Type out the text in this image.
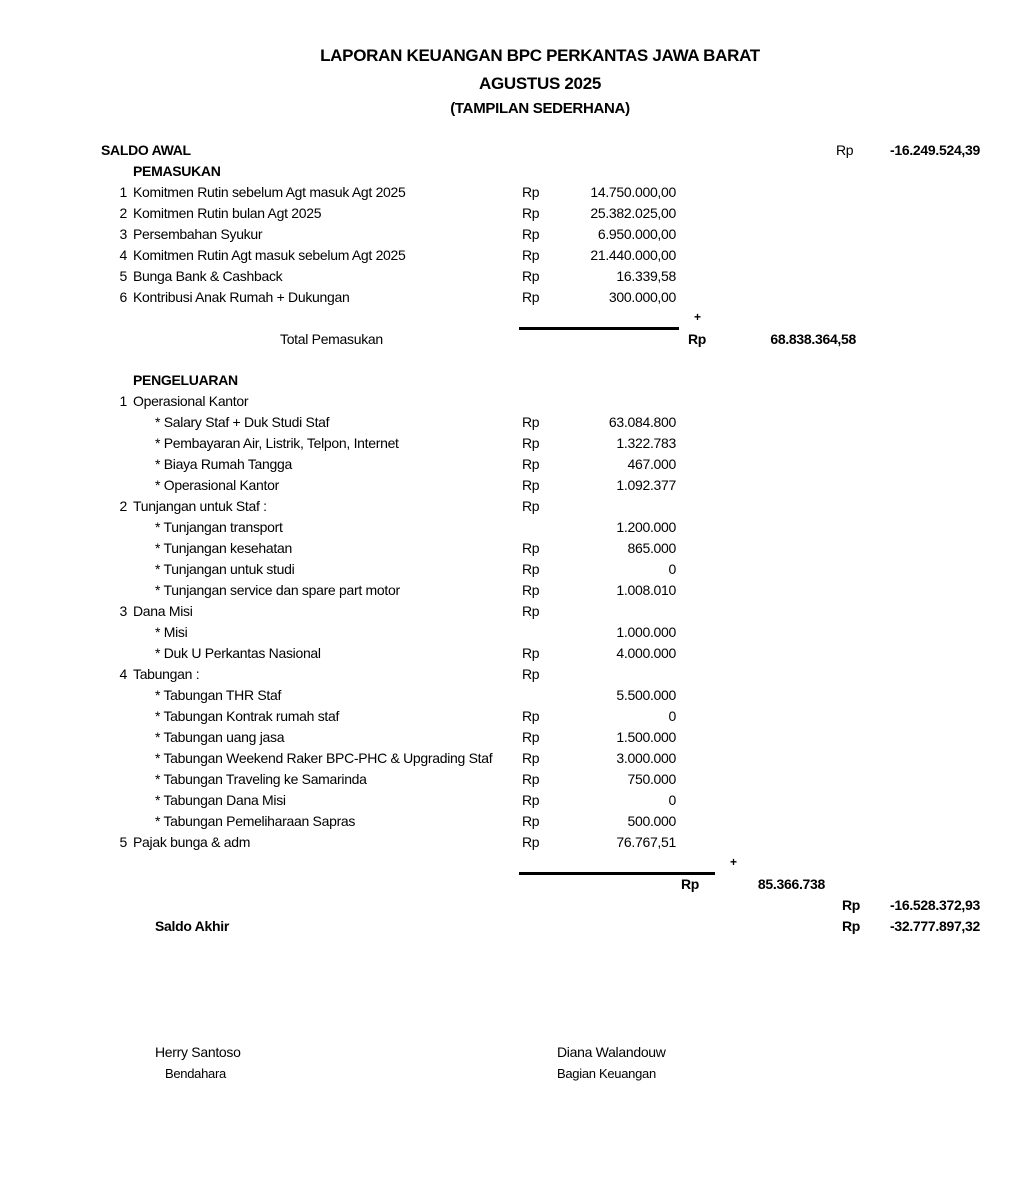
LAPORAN KEUANGAN BPC PERKANTAS JAWA BARAT
AGUSTUS 2025
(TAMPILAN SEDERHANA)
SALDO AWAL	Rp	-16.249.524,39
PEMASUKAN
1 Komitmen Rutin sebelum Agt masuk Agt 2025	Rp	14.750.000,00
2 Komitmen Rutin bulan Agt 2025	Rp	25.382.025,00
3 Persembahan Syukur	Rp	6.950.000,00
4 Komitmen Rutin Agt masuk sebelum Agt 2025	Rp	21.440.000,00
5 Bunga Bank & Cashback	Rp	16.339,58
6 Kontribusi Anak Rumah + Dukungan	Rp	300.000,00
+
Total Pemasukan	Rp	68.838.364,58
PENGELUARAN
1 Operasional Kantor
* Salary Staf + Duk Studi Staf	Rp	63.084.800
* Pembayaran Air, Listrik, Telpon, Internet	Rp	1.322.783
* Biaya Rumah Tangga	Rp	467.000
* Operasional Kantor	Rp	1.092.377
2 Tunjangan untuk Staf :	Rp
* Tunjangan transport	1.200.000
* Tunjangan kesehatan	Rp	865.000
* Tunjangan untuk studi	Rp	0
* Tunjangan service dan spare part motor	Rp	1.008.010
3 Dana Misi	Rp
* Misi	1.000.000
* Duk U Perkantas Nasional	Rp	4.000.000
4 Tabungan :	Rp
* Tabungan THR Staf	5.500.000
* Tabungan Kontrak rumah staf	Rp	0
* Tabungan uang jasa	Rp	1.500.000
* Tabungan Weekend Raker BPC-PHC & Upgrading Staf Rp	3.000.000
* Tabungan Traveling ke Samarinda	Rp	750.000
* Tabungan Dana Misi	Rp	0
* Tabungan Pemeliharaan Sapras	Rp	500.000
5 Pajak bunga & adm	Rp	76.767,51
+
Rp	85.366.738
Rp	-16.528.372,93
Saldo Akhir	Rp	-32.777.897,32
Herry Santoso
Bendahara
Diana Walandouw
Bagian Keuangan
